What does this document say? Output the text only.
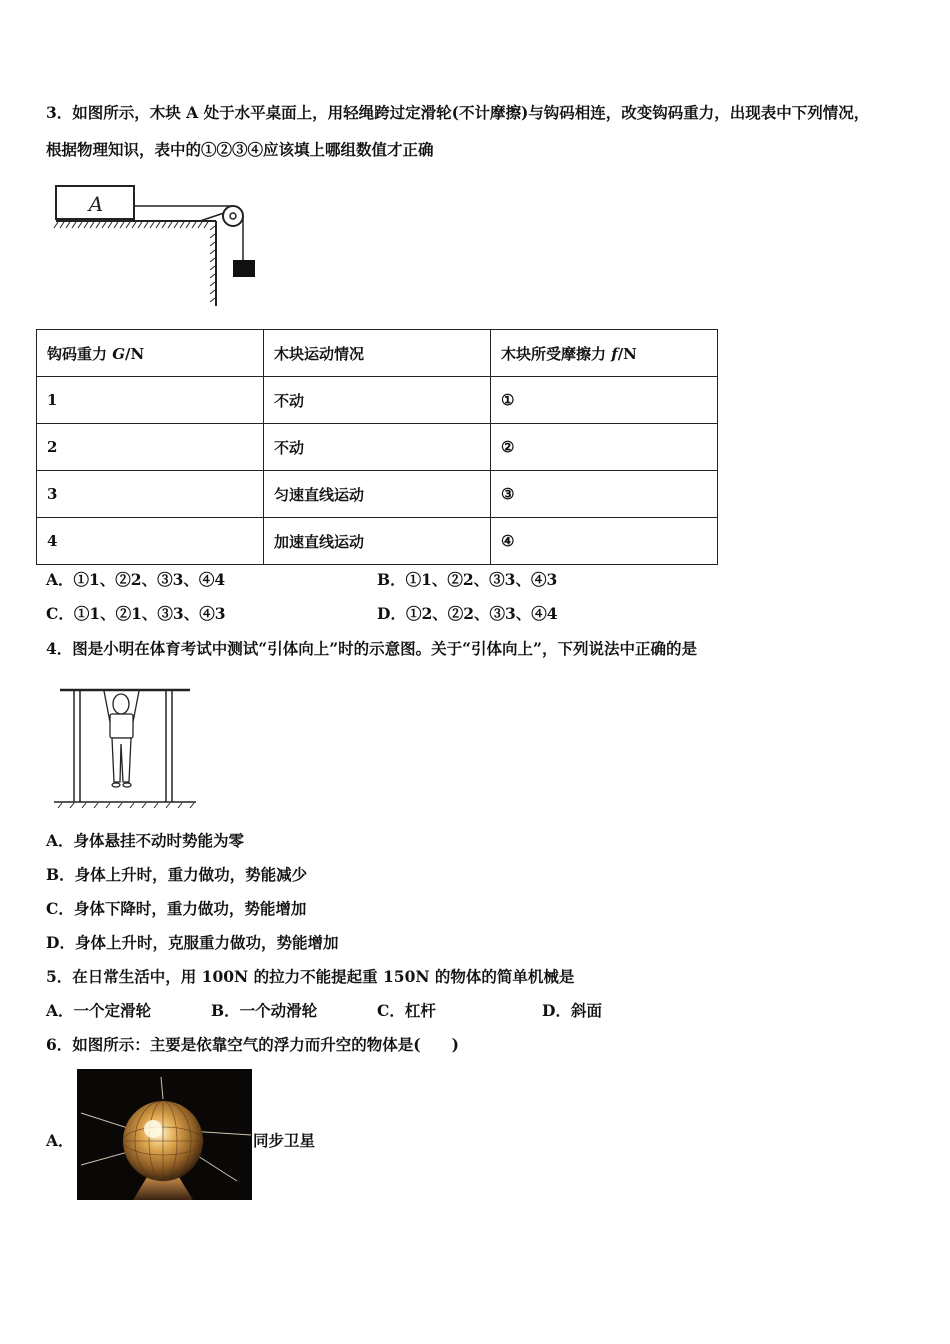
3．如图所示，木块 A 处于水平桌面上，用轻绳跨过定滑轮(不计摩擦)与钩码相连，改变钩码重力，出现表中下列情况，
根据物理知识，表中的①②③④应该填上哪组数值才正确
A
钩码重力 G/N	木块运动情况	木块所受摩擦力 f/N
1	不动	①
2	不动	②
3	匀速直线运动	③
4	加速直线运动	④
A．①1、②2、③3、④4	B．①1、②2、③3、④3
C．①1、②1、③3、④3	D．①2、②2、③3、④4
4．图是小明在体育考试中测试“引体向上”时的示意图。关于“引体向上”，下列说法中正确的是
A．身体悬挂不动时势能为零
B．身体上升时，重力做功，势能减少
C．身体下降时，重力做功，势能增加
D．身体上升时，克服重力做功，势能增加
5．在日常生活中，用 100N 的拉力不能提起重 150N 的物体的简单机械是
A．一个定滑轮	B．一个动滑轮	C．杠杆	D．斜面
6．如图所示：主要是依靠空气的浮力而升空的物体是(　　)
A．	同步卫星
